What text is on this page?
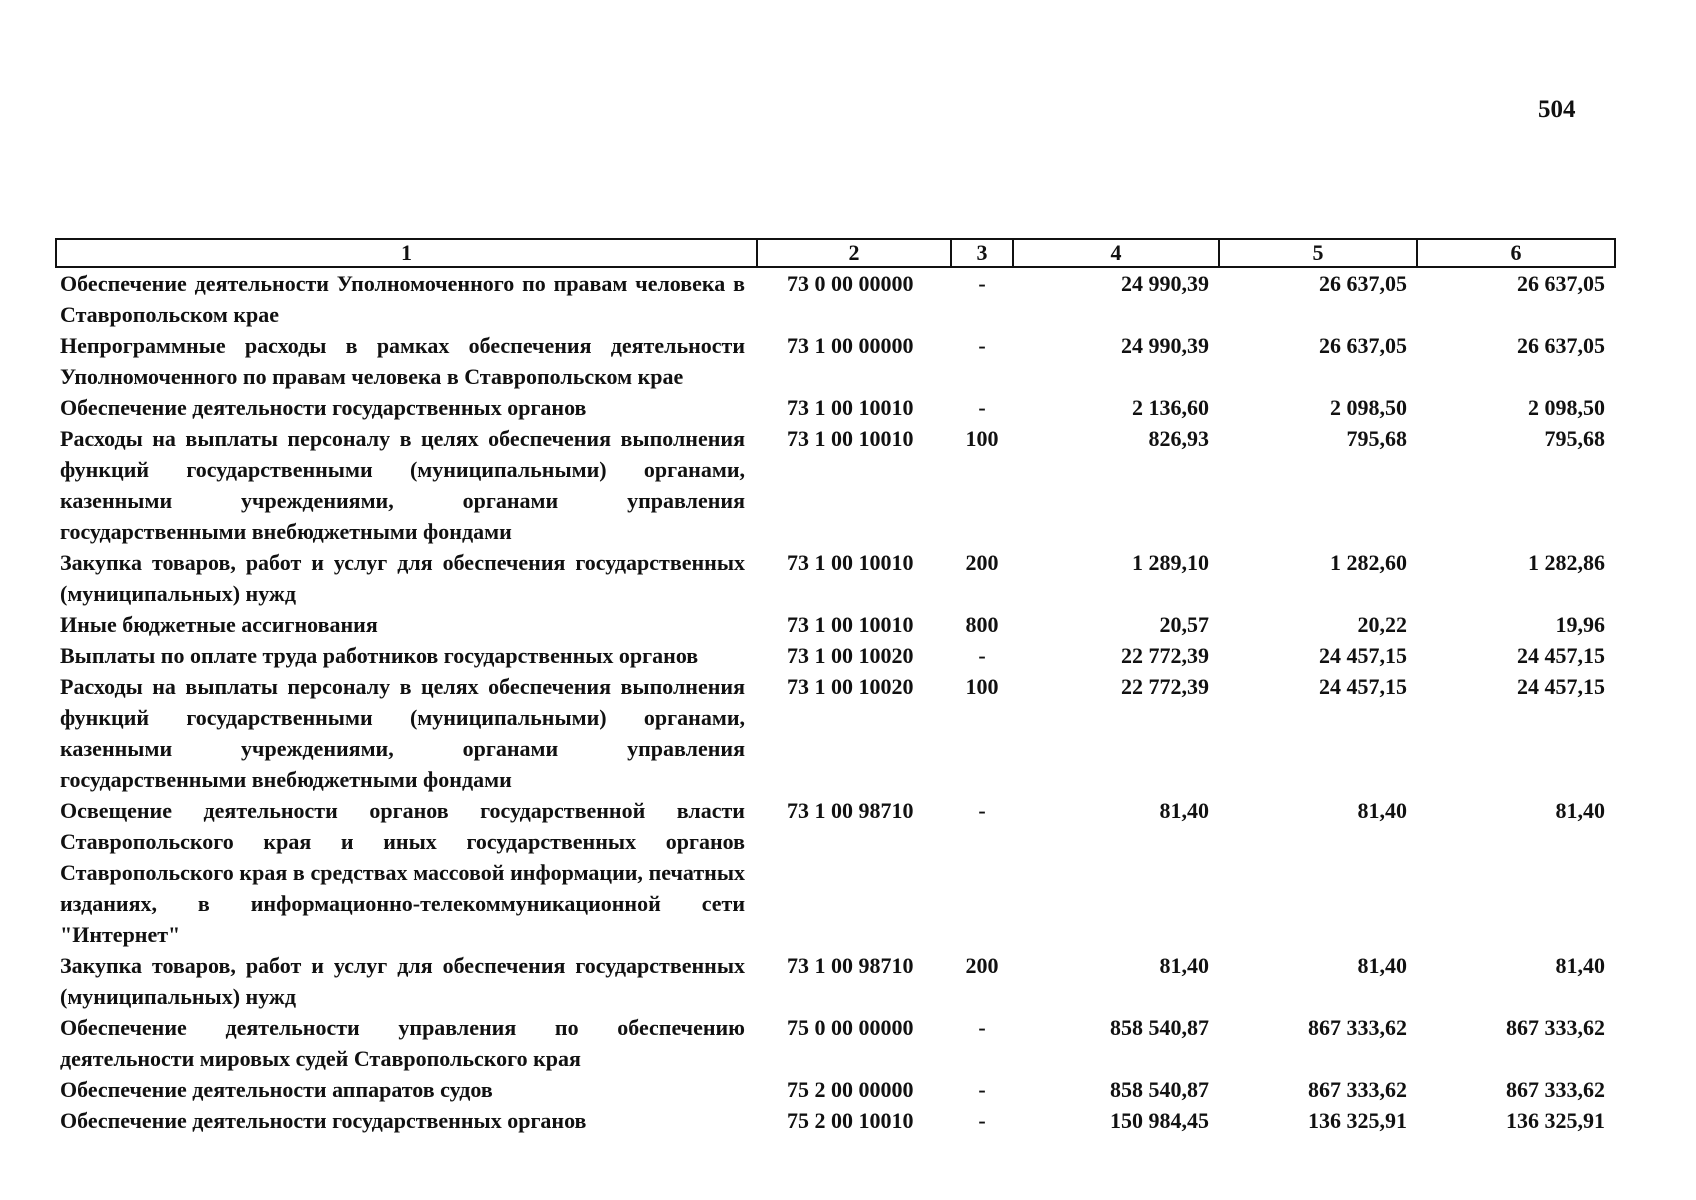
504
1	2	3	4	5	6
Обеспечение деятельности Уполномоченного по правам человека в Ставропольском крае	73 0 00 00000	-	24 990,39	26 637,05	26 637,05
Непрограммные расходы в рамках обеспечения деятельности Уполномоченного по правам человека в Ставропольском крае	73 1 00 00000	-	24 990,39	26 637,05	26 637,05
Обеспечение деятельности государственных органов	73 1 00 10010	-	2 136,60	2 098,50	2 098,50
Расходы на выплаты персоналу в целях обеспечения выполнения функций государственными (муниципальными) органами, казенными учреждениями, органами управления государственными внебюджетными фондами	73 1 00 10010	100	826,93	795,68	795,68
Закупка товаров, работ и услуг для обеспечения государственных (муниципальных) нужд	73 1 00 10010	200	1 289,10	1 282,60	1 282,86
Иные бюджетные ассигнования	73 1 00 10010	800	20,57	20,22	19,96
Выплаты по оплате труда работников государственных органов	73 1 00 10020	-	22 772,39	24 457,15	24 457,15
Расходы на выплаты персоналу в целях обеспечения выполнения функций государственными (муниципальными) органами, казенными учреждениями, органами управления государственными внебюджетными фондами	73 1 00 10020	100	22 772,39	24 457,15	24 457,15
Освещение деятельности органов государственной власти Ставропольского края и иных государственных органов Ставропольского края в средствах массовой информации, печатных изданиях, в информационно-телекоммуникационной сети "Интернет"	73 1 00 98710	-	81,40	81,40	81,40
Закупка товаров, работ и услуг для обеспечения государственных (муниципальных) нужд	73 1 00 98710	200	81,40	81,40	81,40
Обеспечение деятельности управления по обеспечению деятельности мировых судей Ставропольского края	75 0 00 00000	-	858 540,87	867 333,62	867 333,62
Обеспечение деятельности аппаратов судов	75 2 00 00000	-	858 540,87	867 333,62	867 333,62
Обеспечение деятельности государственных органов	75 2 00 10010	-	150 984,45	136 325,91	136 325,91
